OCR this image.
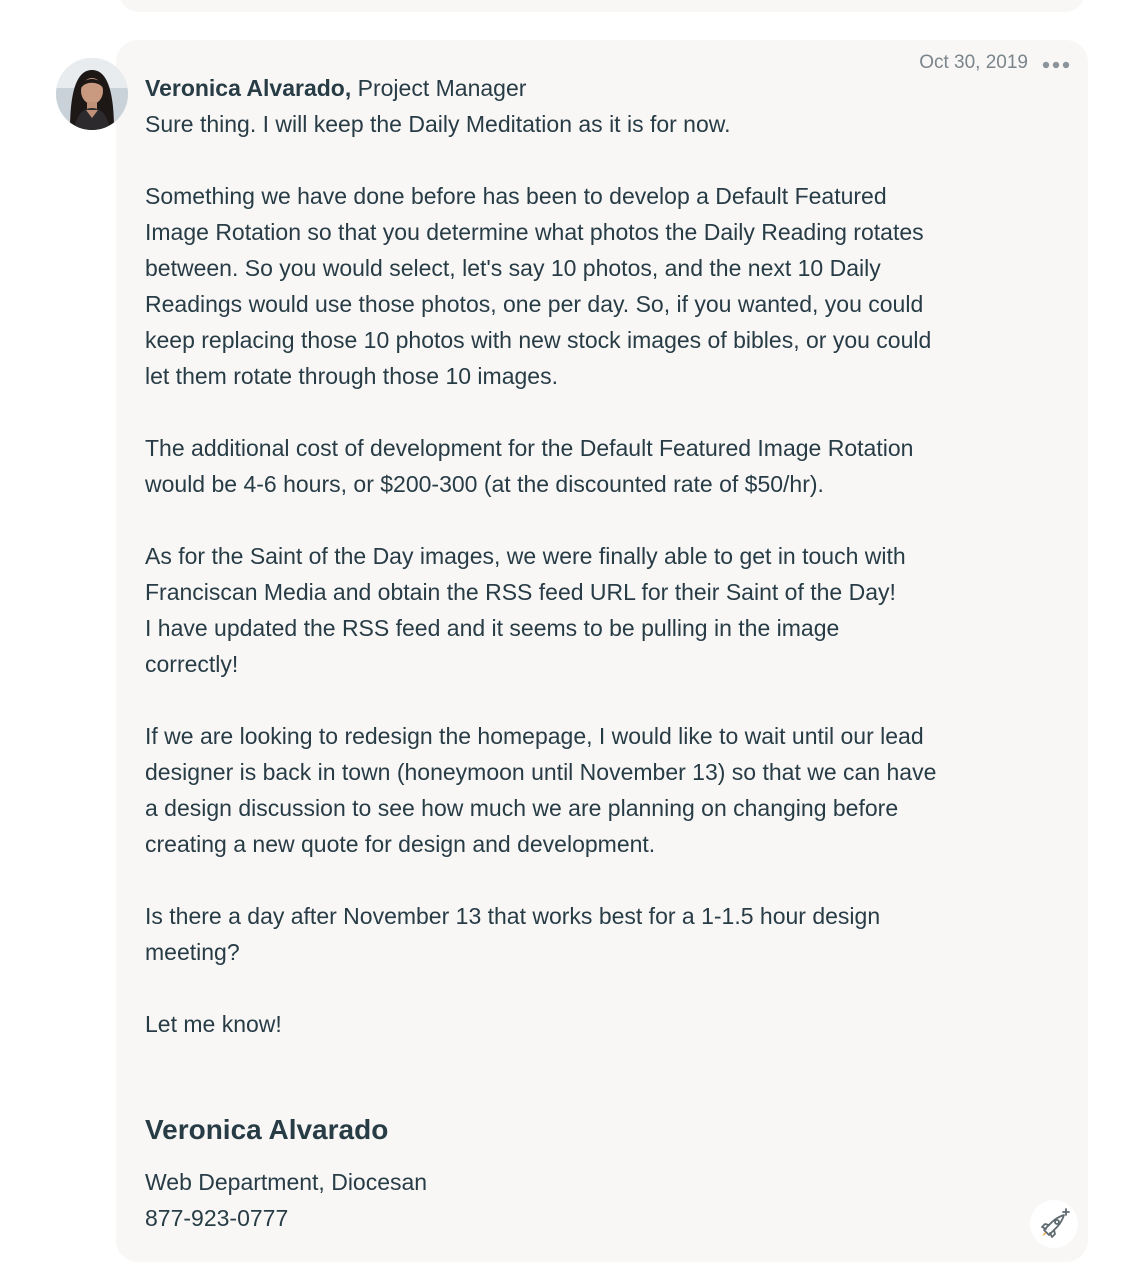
Oct 30, 2019
Veronica Alvarado, Project Manager
Sure thing. I will keep the Daily Meditation as it is for now.
Something we have done before has been to develop a Default Featured
Image Rotation so that you determine what photos the Daily Reading rotates
between. So you would select, let's say 10 photos, and the next 10 Daily
Readings would use those photos, one per day. So, if you wanted, you could
keep replacing those 10 photos with new stock images of bibles, or you could
let them rotate through those 10 images.
The additional cost of development for the Default Featured Image Rotation
would be 4-6 hours, or $200-300 (at the discounted rate of $50/hr).
As for the Saint of the Day images, we were finally able to get in touch with
Franciscan Media and obtain the RSS feed URL for their Saint of the Day!
I have updated the RSS feed and it seems to be pulling in the image
correctly!
If we are looking to redesign the homepage, I would like to wait until our lead
designer is back in town (honeymoon until November 13) so that we can have
a design discussion to see how much we are planning on changing before
creating a new quote for design and development.
Is there a day after November 13 that works best for a 1-1.5 hour design
meeting?
Let me know!
Veronica Alvarado
Web Department, Diocesan
877-923-0777
